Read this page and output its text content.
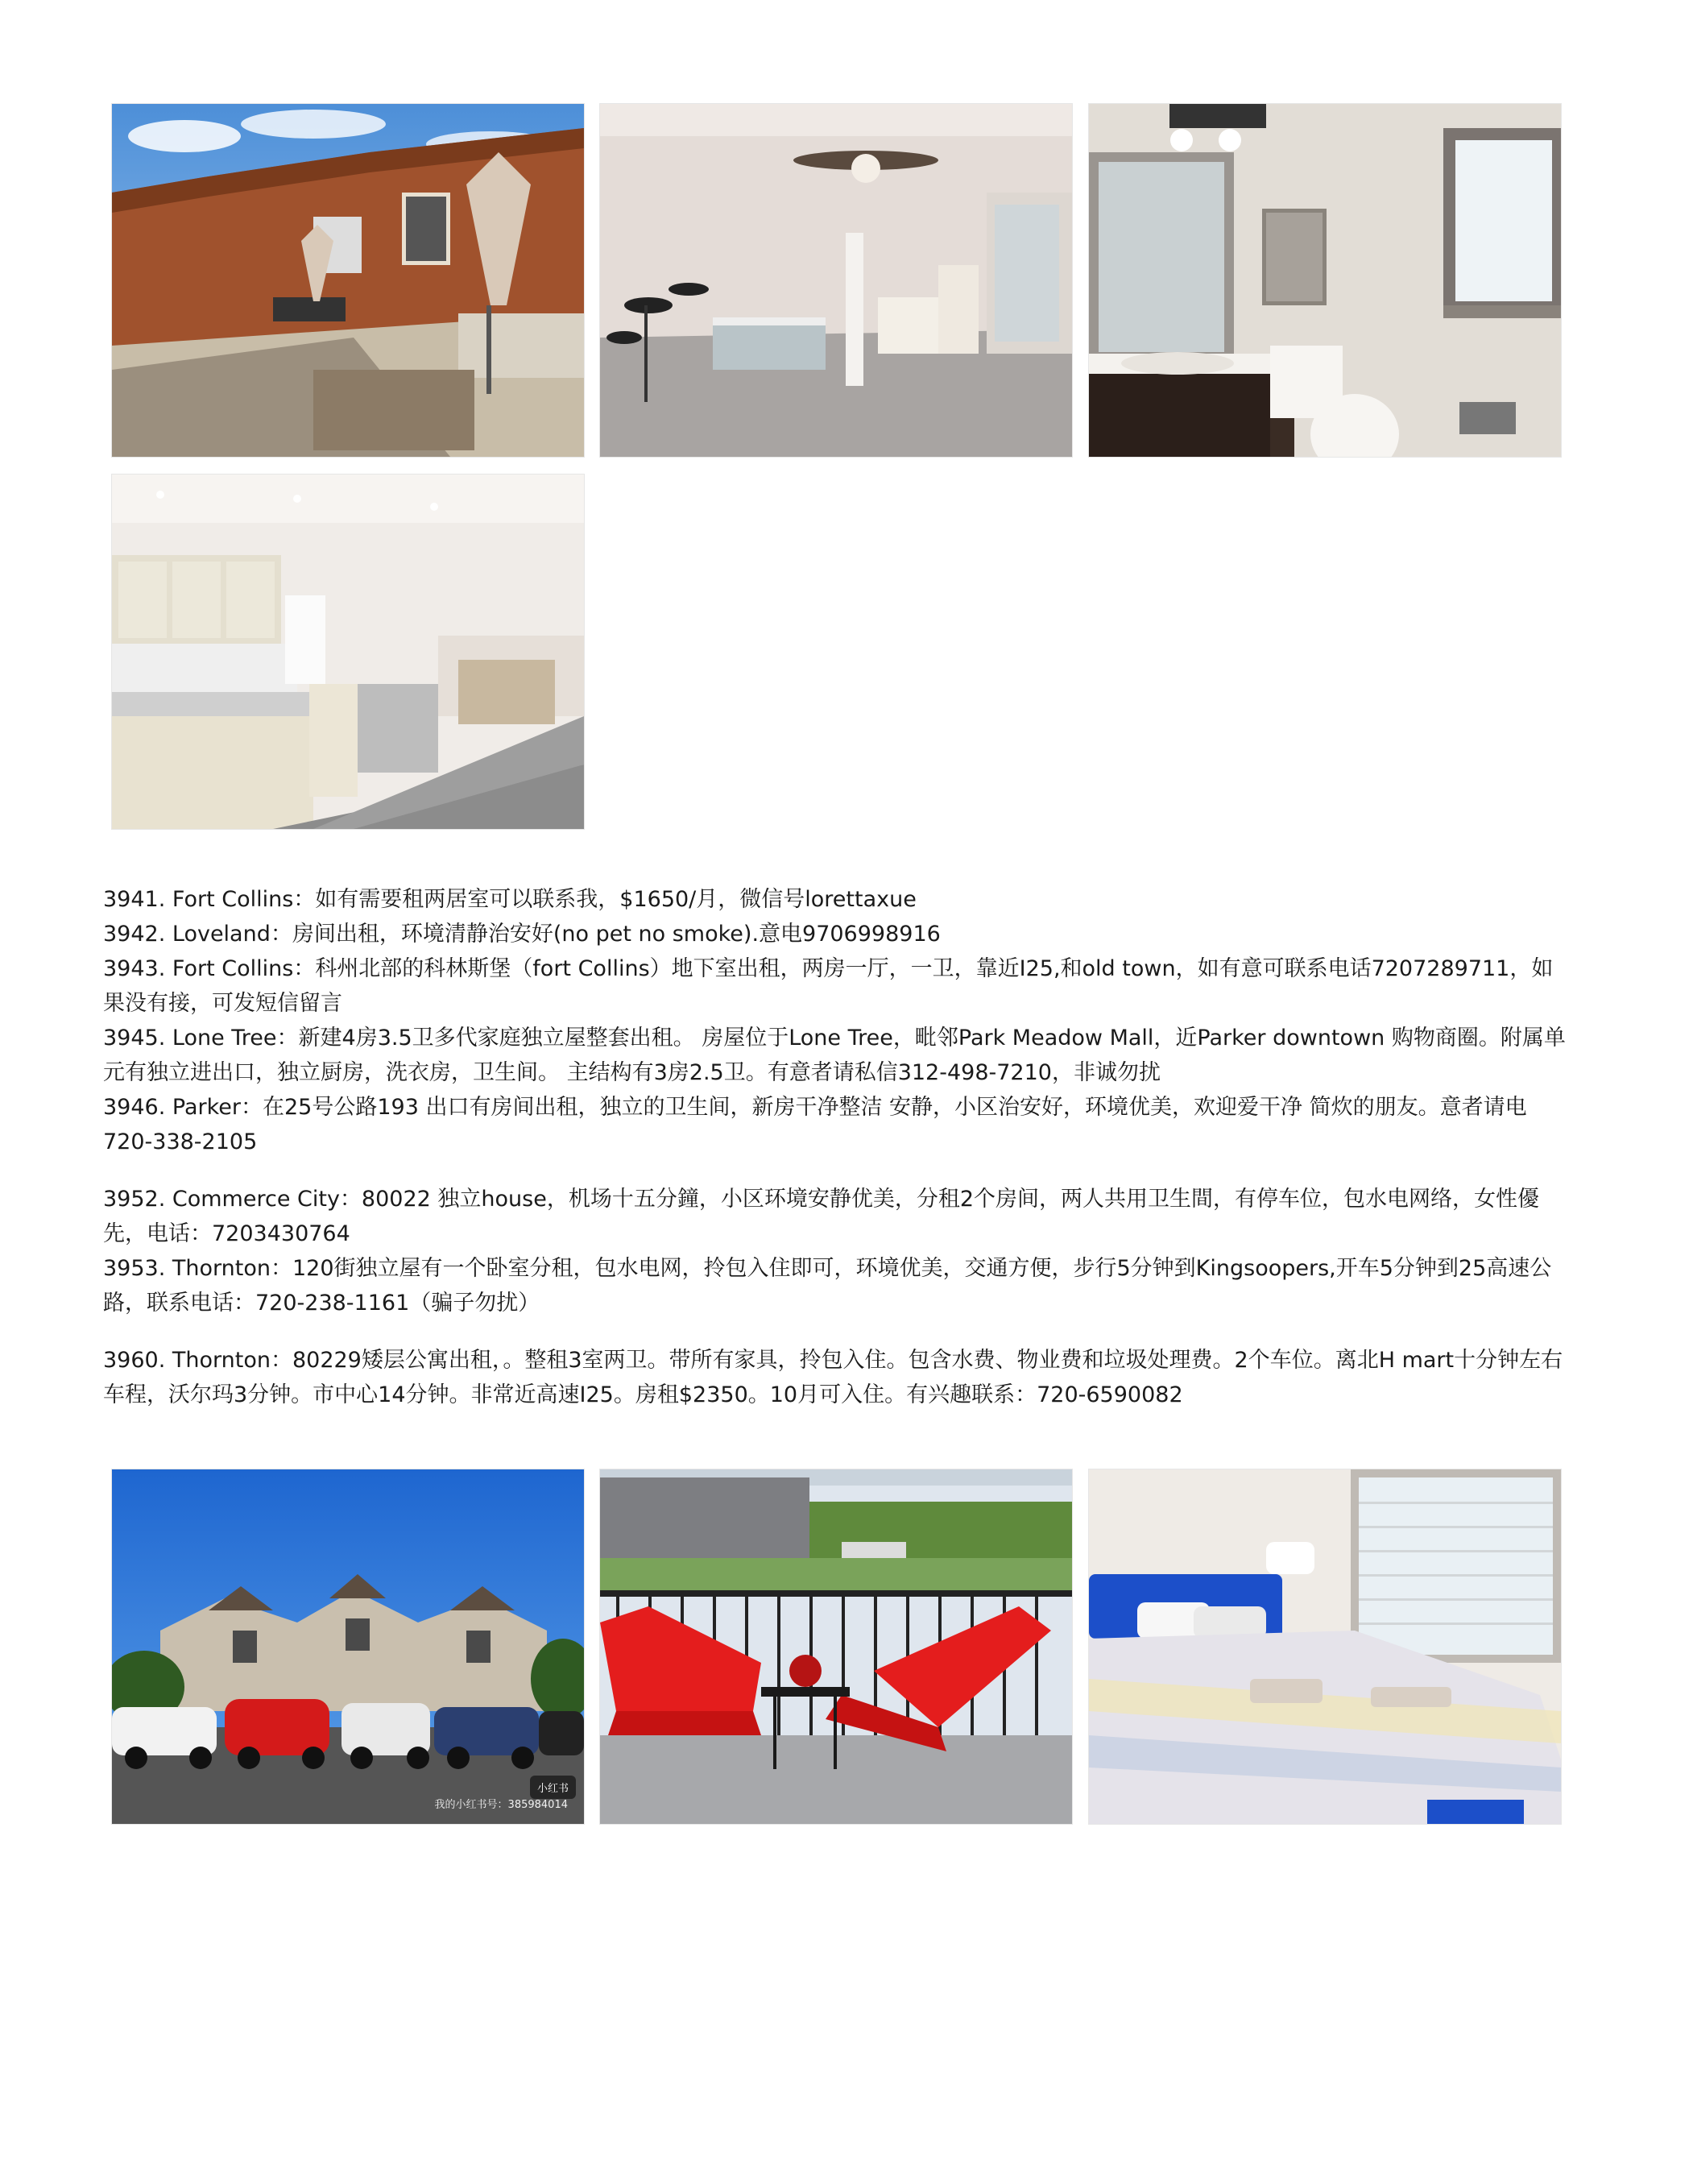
3941. Fort Collins：如有需要租两居室可以联系我，$1650/月，微信号lorettaxue

3942. Loveland：房间出租，环境清静治安好(no pet no smoke).意电9706998916

3943. Fort Collins：科州北部的科林斯堡（fort Collins）地下室出租，两房一厅，一卫，靠近I25,和old town，如有意可联系电话7207289711，如果没有接，可发短信留言

3945. Lone Tree：新建4房3.5卫多代家庭独立屋整套出租。 房屋位于Lone Tree，毗邻Park Meadow Mall，近Parker downtown 购物商圈。附属单元有独立进出口，独立厨房，洗衣房，卫生间。 主结构有3房2.5卫。有意者请私信312-498-7210，非诚勿扰

3946. Parker：在25号公路193 出口有房间出租，独立的卫生间，新房干净整洁 安静，小区治安好，环境优美，欢迎爱干净 简炊的朋友。意者请电720-338-2105

3952. Commerce City：80022 独立house，机场十五分鐘，小区环境安静优美，分租2个房间，两人共用卫生間，有停车位，包水电网络，女性優先，电话：7203430764

3953. Thornton：120街独立屋有一个卧室分租，包水电网，拎包入住即可，环境优美，交通方便，步行5分钟到Kingsoopers,开车5分钟到25高速公路，联系电话：720-238-1161（骗子勿扰）

3960. Thornton：80229矮层公寓出租，。整租3室两卫。带所有家具，拎包入住。包含水费、物业费和垃圾处理费。2个车位。离北H mart十分钟左右车程，沃尔玛3分钟。市中心14分钟。非常近高速I25。房租$2350。10月可入住。有兴趣联系：720-6590082

小红书
我的小红书号：385984014
